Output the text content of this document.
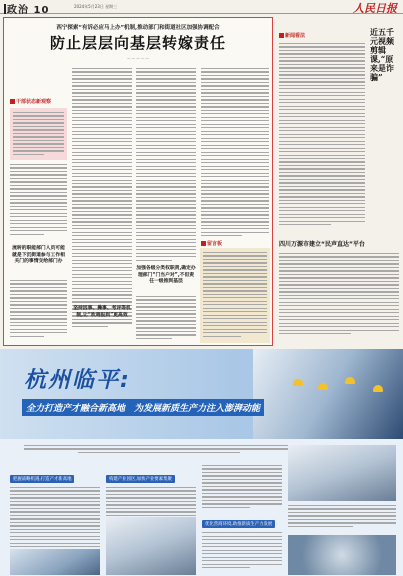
政治 10	2024年5月23日 星期三	人民日报
西宁探索“有诉必应马上办”机制,推动部门和街道社区加强协调配合
防止层层向基层转嫁责任
— — — — —
干部状态新观察
流转的职能部门人员可能就是下沉街道参与工作相关门的事情交给部门办
坚持因事、操事、考评等机制,让“吹哨报到”更高效
加强各级分类权职责,确定办理部门“门当户对”,不但责任一级推到基层
留言板
新闻看法
四川万源市建立“民声直达”平台
近五千元视频剪辑课,“原来是诈骗”
杭州临平:
全力打造产才融合新高地　为发展新质生产力注入澎湃动能
把握战略机遇,打造产才新高地	构建产业园区,加快产业要素集聚
优化营商环境,助推新质生产力发展
